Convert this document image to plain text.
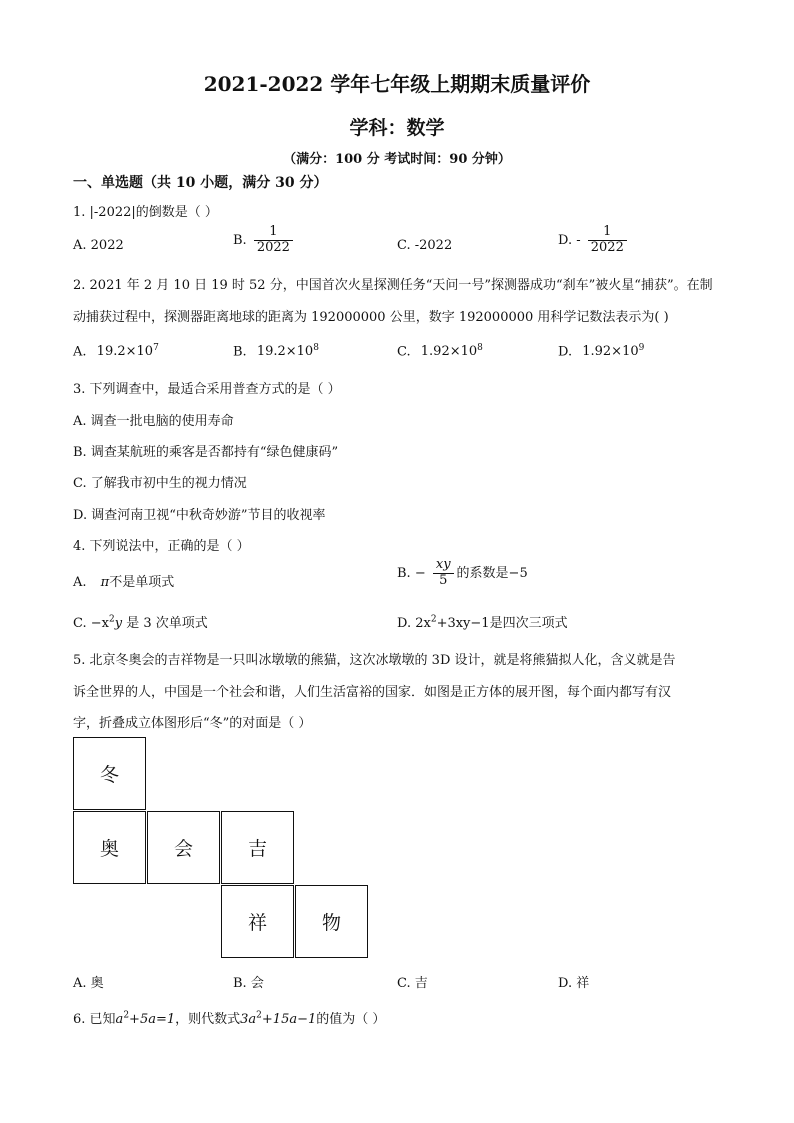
2021-2022 学年七年级上期期末质量评价
学科：数学
（满分：100 分 考试时间：90 分钟）
一、单选题（共 10 小题，满分 30 分）
1. |-2022|的倒数是（ ）
A. 2022	B. $\frac{1}{2022}$	C. -2022	D. - $\frac{1}{2022}$
2. 2021 年 2 月 10 日 19 时 52 分，中国首次火星探测任务“天问一号”探测器成功“刹车”被火星“捕获”。在制
动捕获过程中，探测器距离地球的距离为 192000000 公里，数字 192000000 用科学记数法表示为( )
A. $19.2\times 10^7$	B. $19.2\times 10^8$	C. $1.92\times 10^8$	D. $1.92\times 10^9$
3. 下列调查中，最适合采用普查方式的是（ ）
A. 调查一批电脑的使用寿命
B. 调查某航班的乘客是否都持有“绿色健康码”
C. 了解我市初中生的视力情况
D. 调查河南卫视“中秋奇妙游”节目的收视率
4. 下列说法中，正确的是（ ）
A. π不是单项式
B. − $\frac{xy}{5}$ 的系数是−5
C. $-x^2y$ 是 3 次单项式	D. $2x^2+3xy-1$是四次三项式
5. 北京冬奥会的吉祥物是一只叫冰墩墩的熊猫，这次冰墩墩的 3D 设计，就是将熊猫拟人化，含义就是告
诉全世界的人，中国是一个社会和谐，人们生活富裕的国家．如图是正方体的展开图，每个面内都写有汉
字，折叠成立体图形后“冬”的对面是（ ）
冬
奥	会	吉
祥	物
A. 奥	B. 会	C. 吉	D. 祥
6. 已知$a^2+5a=1$，则代数式$3a^2+15a-1$的值为（ ）
